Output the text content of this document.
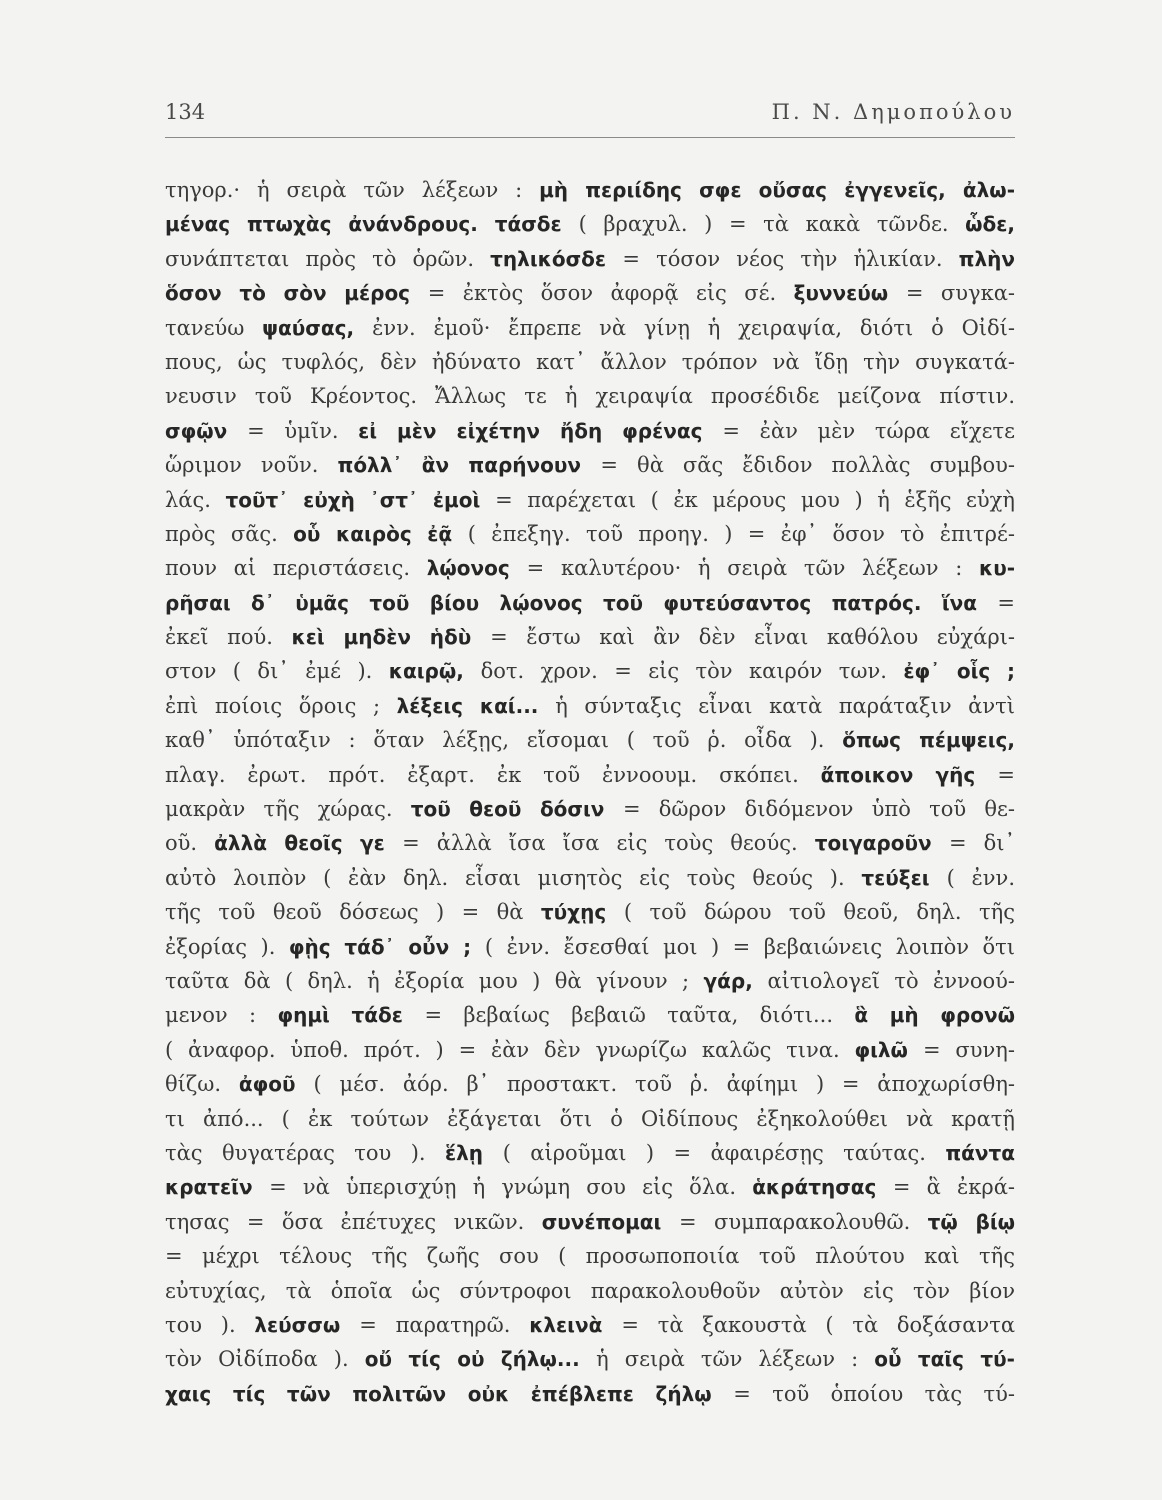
134	Π. Ν. Δημοπούλου
τηγορ.· ἡ σειρὰ τῶν λέξεων : μὴ περιίδης σφε οὔσας ἐγγενεῖς, ἀλω-
μένας πτωχὰς ἀνάνδρους. τάσδε ( βραχυλ. ) = τὰ κακὰ τῶνδε. ὧδε,
συνάπτεται πρὸς τὸ ὁρῶν. τηλικόσδε = τόσον νέος τὴν ἡλικίαν. πλὴν
ὅσον τὸ σὸν μέρος = ἐκτὸς ὅσον ἀφορᾷ εἰς σέ. ξυννεύω = συγκα-
τανεύω ψαύσας, ἐνν. ἐμοῦ· ἔπρεπε νὰ γίνῃ ἡ χειραψία, διότι ὁ Οἰδί-
πους, ὡς τυφλός, δὲν ἠδύνατο κατ᾽ ἄλλον τρόπον νὰ ἴδῃ τὴν συγκατά-
νευσιν τοῦ Κρέοντος. Ἄλλως τε ἡ χειραψία προσέδιδε μείζονα πίστιν.
σφῷν = ὑμῖν. εἰ μὲν εἰχέτην ἤδη φρένας = ἐὰν μὲν τώρα εἴχετε
ὥριμον νοῦν. πόλλ᾽ ἂν παρήνουν = θὰ σᾶς ἔδιδον πολλὰς συμβου-
λάς. τοῦτ᾽ εὐχὴ ᾽στ᾽ ἐμοὶ = παρέχεται ( ἐκ μέρους μου ) ἡ ἑξῆς εὐχὴ
πρὸς σᾶς. οὗ καιρὸς ἐᾷ ( ἐπεξηγ. τοῦ προηγ. ) = ἐφ᾽ ὅσον τὸ ἐπιτρέ-
πουν αἱ περιστάσεις. λῴονος = καλυτέρου· ἡ σειρὰ τῶν λέξεων : κυ-
ρῆσαι δ᾽ ὑμᾶς τοῦ βίου λῴονος τοῦ φυτεύσαντος πατρός. ἵνα =
ἐκεῖ πού. κεὶ μηδὲν ἡδὺ = ἔστω καὶ ἂν δὲν εἶναι καθόλου εὐχάρι-
στον ( δι᾽ ἐμέ ). καιρῷ, δοτ. χρον. = εἰς τὸν καιρόν των. ἐφ᾽ οἷς ;
ἐπὶ ποίοις ὅροις ; λέξεις καί... ἡ σύνταξις εἶναι κατὰ παράταξιν ἀντὶ
καθ᾽ ὑπόταξιν : ὅταν λέξῃς, εἴσομαι ( τοῦ ῥ. οἶδα ). ὅπως πέμψεις,
πλαγ. ἐρωτ. πρότ. ἐξαρτ. ἐκ τοῦ ἐννοουμ. σκόπει. ἄποικον γῆς =
μακρὰν τῆς χώρας. τοῦ θεοῦ δόσιν = δῶρον διδόμενον ὑπὸ τοῦ θε-
οῦ. ἀλλὰ θεοῖς γε = ἀλλὰ ἴσα ἴσα εἰς τοὺς θεούς. τοιγαροῦν = δι᾽
αὐτὸ λοιπὸν ( ἐὰν δηλ. εἶσαι μισητὸς εἰς τοὺς θεούς ). τεύξει ( ἐνν.
τῆς τοῦ θεοῦ δόσεως ) = θὰ τύχῃς ( τοῦ δώρου τοῦ θεοῦ, δηλ. τῆς
ἐξορίας ). φῂς τάδ᾽ οὖν ; ( ἐνν. ἔσεσθαί μοι ) = βεβαιώνεις λοιπὸν ὅτι
ταῦτα δὰ ( δηλ. ἡ ἐξορία μου ) θὰ γίνουν ; γάρ, αἰτιολογεῖ τὸ ἐννοού-
μενον : φημὶ τάδε = βεβαίως βεβαιῶ ταῦτα, διότι... ἃ μὴ φρονῶ
( ἀναφορ. ὑποθ. πρότ. ) = ἐὰν δὲν γνωρίζω καλῶς τινα. φιλῶ = συνη-
θίζω. ἀφοῦ ( μέσ. ἀόρ. β᾽ προστακτ. τοῦ ῥ. ἀφίημι ) = ἀποχωρίσθη-
τι ἀπό... ( ἐκ τούτων ἐξάγεται ὅτι ὁ Οἰδίπους ἐξηκολούθει νὰ κρατῇ
τὰς θυγατέρας του ). ἕλῃ ( αἱροῦμαι ) = ἀφαιρέσῃς ταύτας. πάντα
κρατεῖν = νὰ ὑπερισχύῃ ἡ γνώμη σου εἰς ὅλα. ἁκράτησας = ἃ ἐκρά-
τησας = ὅσα ἐπέτυχες νικῶν. συνέπομαι = συμπαρακολουθῶ. τῷ βίῳ
= μέχρι τέλους τῆς ζωῆς σου ( προσωποποιία τοῦ πλούτου καὶ τῆς
εὐτυχίας, τὰ ὁποῖα ὡς σύντροφοι παρακολουθοῦν αὐτὸν εἰς τὸν βίον
του ). λεύσσω = παρατηρῶ. κλεινὰ = τὰ ξακουστὰ ( τὰ δοξάσαντα
τὸν Οἰδίποδα ). οὔ τίς οὐ ζήλῳ... ἡ σειρὰ τῶν λέξεων : οὗ ταῖς τύ-
χαις τίς τῶν πολιτῶν οὐκ ἐπέβλεπε ζήλῳ = τοῦ ὁποίου τὰς τύ-
